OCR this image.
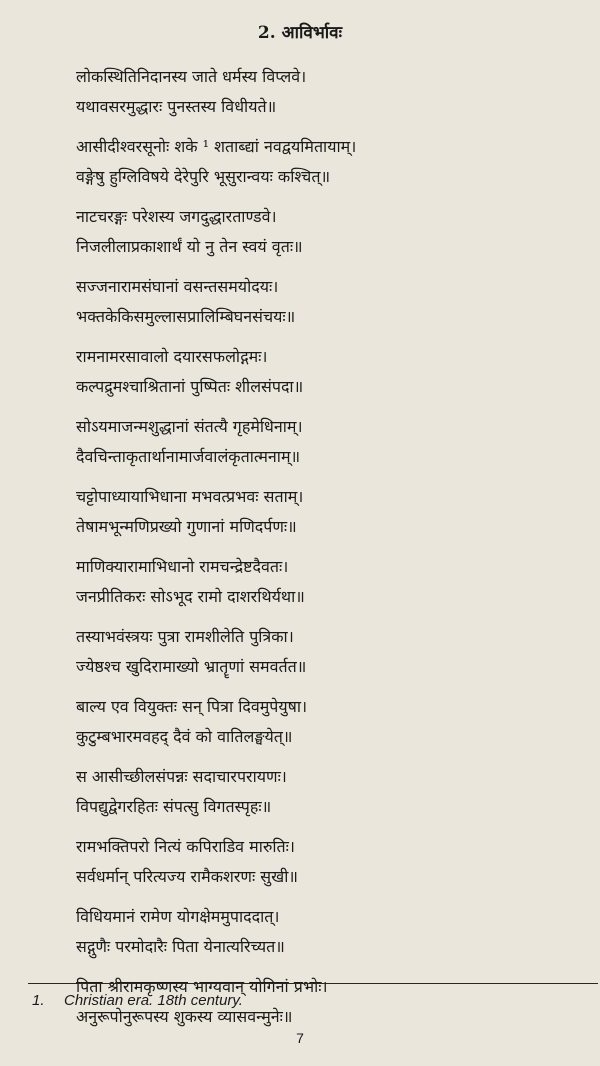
2. आविर्भावः
लोकस्थितिनिदानस्य जाते धर्मस्य विप्लवे।
यथावसरमुद्धारः पुनस्तस्य विधीयते॥
आसीदीश्वरसूनोः शके ¹ शताब्द्यां नवद्वयमितायाम्।
वङ्गेषु हुग्लिविषये देरेपुरि भूसुरान्वयः कश्चित्॥
नाटचरङ्गः परेशस्य जगदुद्धारताण्डवे।
निजलीलाप्रकाशार्थं यो नु तेन स्वयं वृतः॥
सज्जनारामसंघानां वसन्तसमयोदयः।
भक्तकेकिसमुल्लासप्रालिम्बिघनसंचयः॥
रामनामरसावालो दयारसफलोद्गमः।
कल्पद्रुमश्चाश्रितानां पुष्पितः शीलसंपदा॥
सोऽयमाजन्मशुद्धानां संतत्यै गृहमेधिनाम्।
दैवचिन्ताकृतार्थानामार्जवालंकृतात्मनाम्॥
चट्टोपाध्यायाभिधाना मभवत्प्रभवः सताम्।
तेषामभून्मणिप्रख्यो गुणानां मणिदर्पणः॥
माणिक्यारामाभिधानो रामचन्द्रेष्टदैवतः।
जनप्रीतिकरः सोऽभूद रामो दाशरथिर्यथा॥
तस्याभवंस्त्रयः पुत्रा रामशीलेति पुत्रिका।
ज्येष्ठश्च खुदिरामाख्यो भ्रातॄणां समवर्तत॥
बाल्य एव वियुक्तः सन् पित्रा दिवमुपेयुषा।
कुटुम्बभारमवहद् दैवं को वातिलङ्घयेत्॥
स आसीच्छीलसंपन्नः सदाचारपरायणः।
विपद्युद्वेगरहितः संपत्सु विगतस्पृहः॥
रामभक्तिपरो नित्यं कपिराडिव मारुतिः।
सर्वधर्मान् परित्यज्य रामैकशरणः सुखी॥
विधियमानं रामेण योगक्षेममुपाददात्।
सद्गुणैः परमोदारैः पिता येनात्यरिच्यत॥
पिता श्रीरामकृष्णस्य भाग्यवान् योगिनां प्रभोः।
अनुरूपोनुरूपस्य शुकस्य व्यासवन्मुनेः॥
1. Christian era. 18th century.
7
